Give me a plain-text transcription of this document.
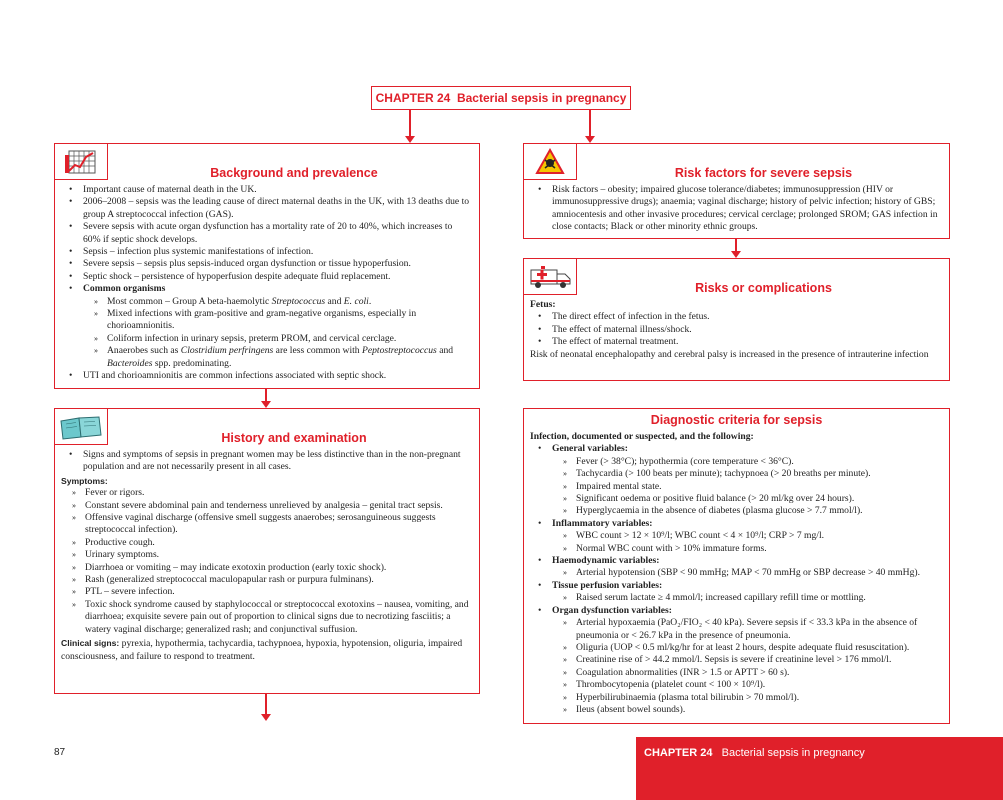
CHAPTER 24 Bacterial sepsis in pregnancy
Background and prevalence
• Important cause of maternal death in the UK.
• 2006–2008 – sepsis was the leading cause of direct maternal deaths in the UK, with 13 deaths due to group A streptococcal infection (GAS).
• Severe sepsis with acute organ dysfunction has a mortality rate of 20 to 40%, which increases to 60% if septic shock develops.
• Sepsis – infection plus systemic manifestations of infection.
• Severe sepsis – sepsis plus sepsis-induced organ dysfunction or tissue hypoperfusion.
• Septic shock – persistence of hypoperfusion despite adequate fluid replacement.
• Common organisms
» Most common – Group A beta-haemolytic Streptococcus and E. coli.
» Mixed infections with gram-positive and gram-negative organisms, especially in chorioamnionitis.
» Coliform infection in urinary sepsis, preterm PROM, and cervical cerclage.
» Anaerobes such as Clostridium perfringens are less common with Peptostreptococcus and Bacteroides spp. predominating.
• UTI and chorioamnionitis are common infections associated with septic shock.
History and examination
• Signs and symptoms of sepsis in pregnant women may be less distinctive than in the non-pregnant population and are not necessarily present in all cases.
Symptoms:
» Fever or rigors.
» Constant severe abdominal pain and tenderness unrelieved by analgesia – genital tract sepsis.
» Offensive vaginal discharge (offensive smell suggests anaerobes; serosanguineous suggests streptococcal infection).
» Productive cough.
» Urinary symptoms.
» Diarrhoea or vomiting – may indicate exotoxin production (early toxic shock).
» Rash (generalized streptococcal maculopapular rash or purpura fulminans).
» PTL – severe infection.
» Toxic shock syndrome caused by staphylococcal or streptococcal exotoxins – nausea, vomiting, and diarrhoea; exquisite severe pain out of proportion to clinical signs due to necrotizing fasciitis; a watery vaginal discharge; generalized rash; and conjunctival suffusion.
Clinical signs: pyrexia, hypothermia, tachycardia, tachypnoea, hypoxia, hypotension, oliguria, impaired consciousness, and failure to respond to treatment.
Risk factors for severe sepsis
• Risk factors – obesity; impaired glucose tolerance/diabetes; immunosuppression (HIV or immunosuppressive drugs); anaemia; vaginal discharge; history of pelvic infection; history of GBS; amniocentesis and other invasive procedures; cervical cerclage; prolonged SROM; GAS infection in close contacts; Black or other minority ethnic groups.
Risks or complications
Fetus:
• The direct effect of infection in the fetus.
• The effect of maternal illness/shock.
• The effect of maternal treatment.
Risk of neonatal encephalopathy and cerebral palsy is increased in the presence of intrauterine infection
Diagnostic criteria for sepsis
Infection, documented or suspected, and the following:
• General variables:
» Fever (> 38°C); hypothermia (core temperature < 36°C).
» Tachycardia (> 100 beats per minute); tachypnoea (> 20 breaths per minute).
» Impaired mental state.
» Significant oedema or positive fluid balance (> 20 ml/kg over 24 hours).
» Hyperglycaemia in the absence of diabetes (plasma glucose > 7.7 mmol/l).
• Inflammatory variables:
» WBC count > 12 × 10⁹/l; WBC count < 4 × 10⁹/l; CRP > 7 mg/l.
» Normal WBC count with > 10% immature forms.
• Haemodynamic variables:
» Arterial hypotension (SBP < 90 mmHg; MAP < 70 mmHg or SBP decrease > 40 mmHg).
• Tissue perfusion variables:
» Raised serum lactate ≥ 4 mmol/l; increased capillary refill time or mottling.
• Organ dysfunction variables:
» Arterial hypoxaemia (PaO₂/FIO₂ < 40 kPa). Severe sepsis if < 33.3 kPa in the absence of pneumonia or < 26.7 kPa in the presence of pneumonia.
» Oliguria (UOP < 0.5 ml/kg/hr for at least 2 hours, despite adequate fluid resuscitation).
» Creatinine rise of > 44.2 mmol/l. Sepsis is severe if creatinine level > 176 mmol/l.
» Coagulation abnormalities (INR > 1.5 or APTT > 60 s).
» Thrombocytopenia (platelet count < 100 × 10⁹/l).
» Hyperbilirubinaemia (plasma total bilirubin > 70 mmol/l).
» Ileus (absent bowel sounds).
87	CHAPTER 24 Bacterial sepsis in pregnancy
